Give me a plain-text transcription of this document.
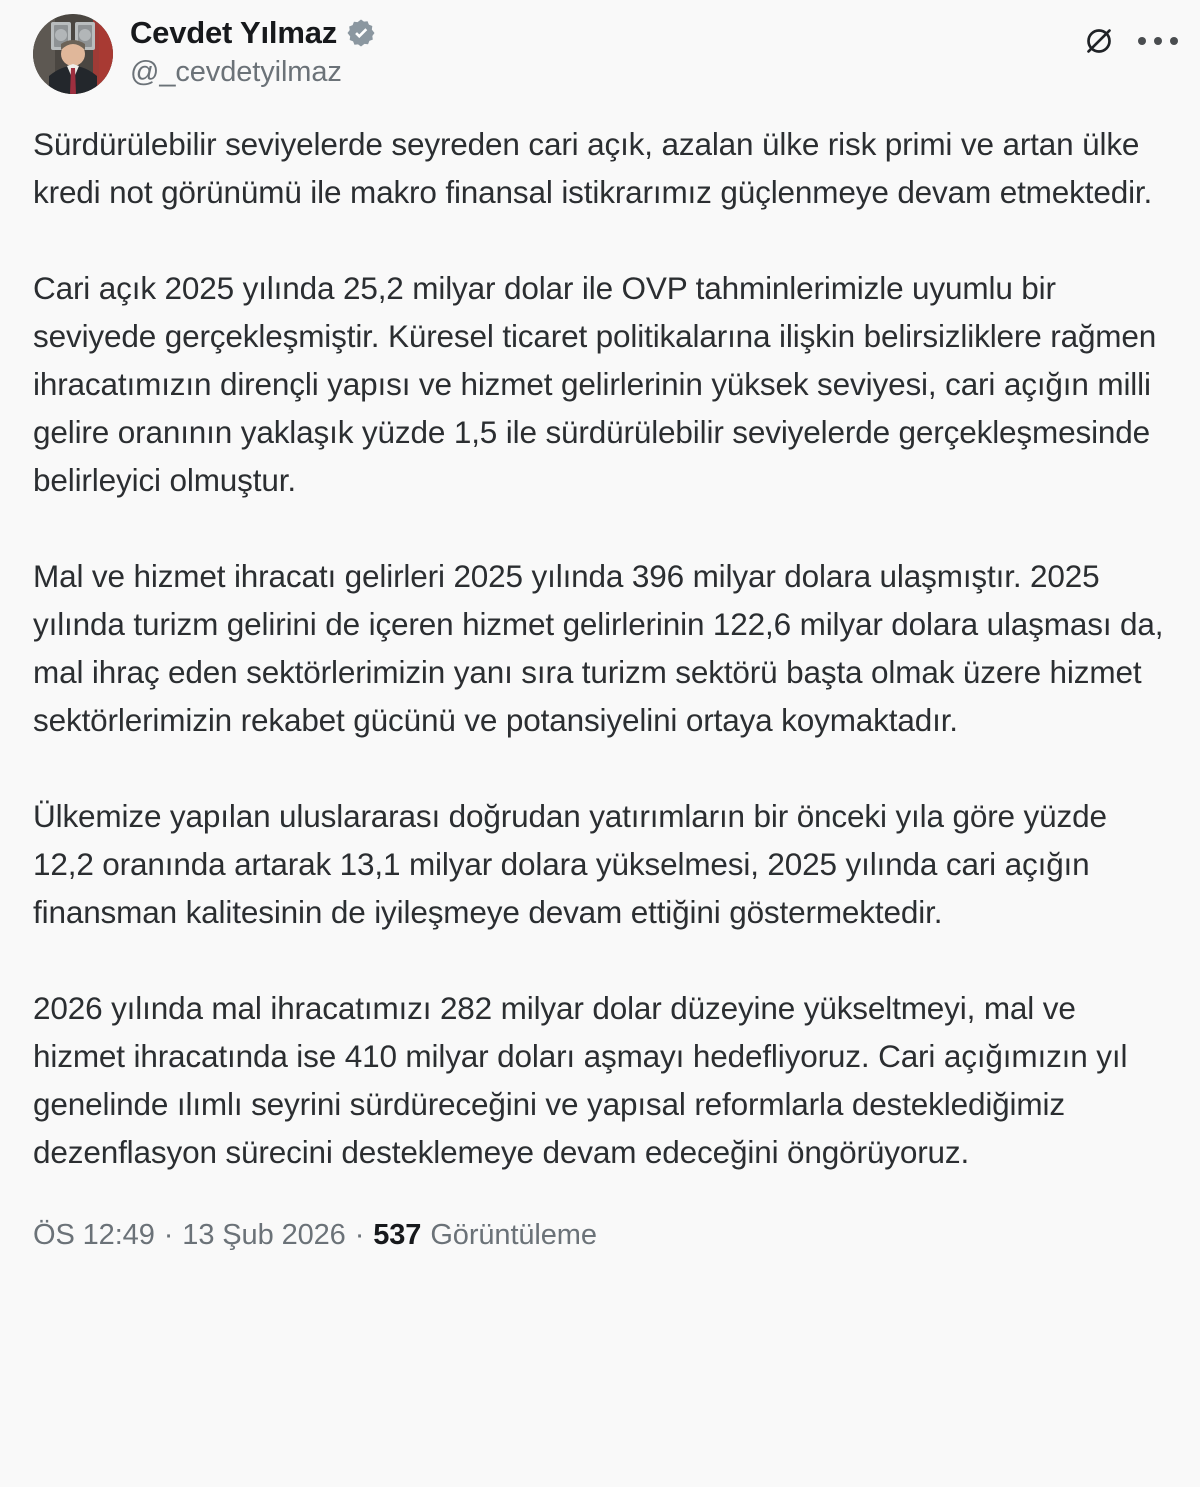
Cevdet Yılmaz
@_cevdetyilmaz

Sürdürülebilir seviyelerde seyreden cari açık, azalan ülke risk primi ve artan ülke kredi not görünümü ile makro finansal istikrarımız güçlenmeye devam etmektedir.

Cari açık 2025 yılında 25,2 milyar dolar ile OVP tahminlerimizle uyumlu bir seviyede gerçekleşmiştir. Küresel ticaret politikalarına ilişkin belirsizliklere rağmen ihracatımızın dirençli yapısı ve hizmet gelirlerinin yüksek seviyesi, cari açığın milli gelire oranının yaklaşık yüzde 1,5 ile sürdürülebilir seviyelerde gerçekleşmesinde belirleyici olmuştur.

Mal ve hizmet ihracatı gelirleri 2025 yılında 396 milyar dolara ulaşmıştır. 2025 yılında turizm gelirini de içeren hizmet gelirlerinin 122,6 milyar dolara ulaşması da, mal ihraç eden sektörlerimizin yanı sıra turizm sektörü başta olmak üzere hizmet sektörlerimizin rekabet gücünü ve potansiyelini ortaya koymaktadır.

Ülkemize yapılan uluslararası doğrudan yatırımların bir önceki yıla göre yüzde 12,2 oranında artarak 13,1 milyar dolara yükselmesi, 2025 yılında cari açığın finansman kalitesinin de iyileşmeye devam ettiğini göstermektedir.

2026 yılında mal ihracatımızı 282 milyar dolar düzeyine yükseltmeyi, mal ve hizmet ihracatında ise 410 milyar doları aşmayı hedefliyoruz. Cari açığımızın yıl genelinde ılımlı seyrini sürdüreceğini ve yapısal reformlarla desteklediğimiz dezenflasyon sürecini desteklemeye devam edeceğini öngörüyoruz.

ÖS 12:49 · 13 Şub 2026 · 537 Görüntüleme
